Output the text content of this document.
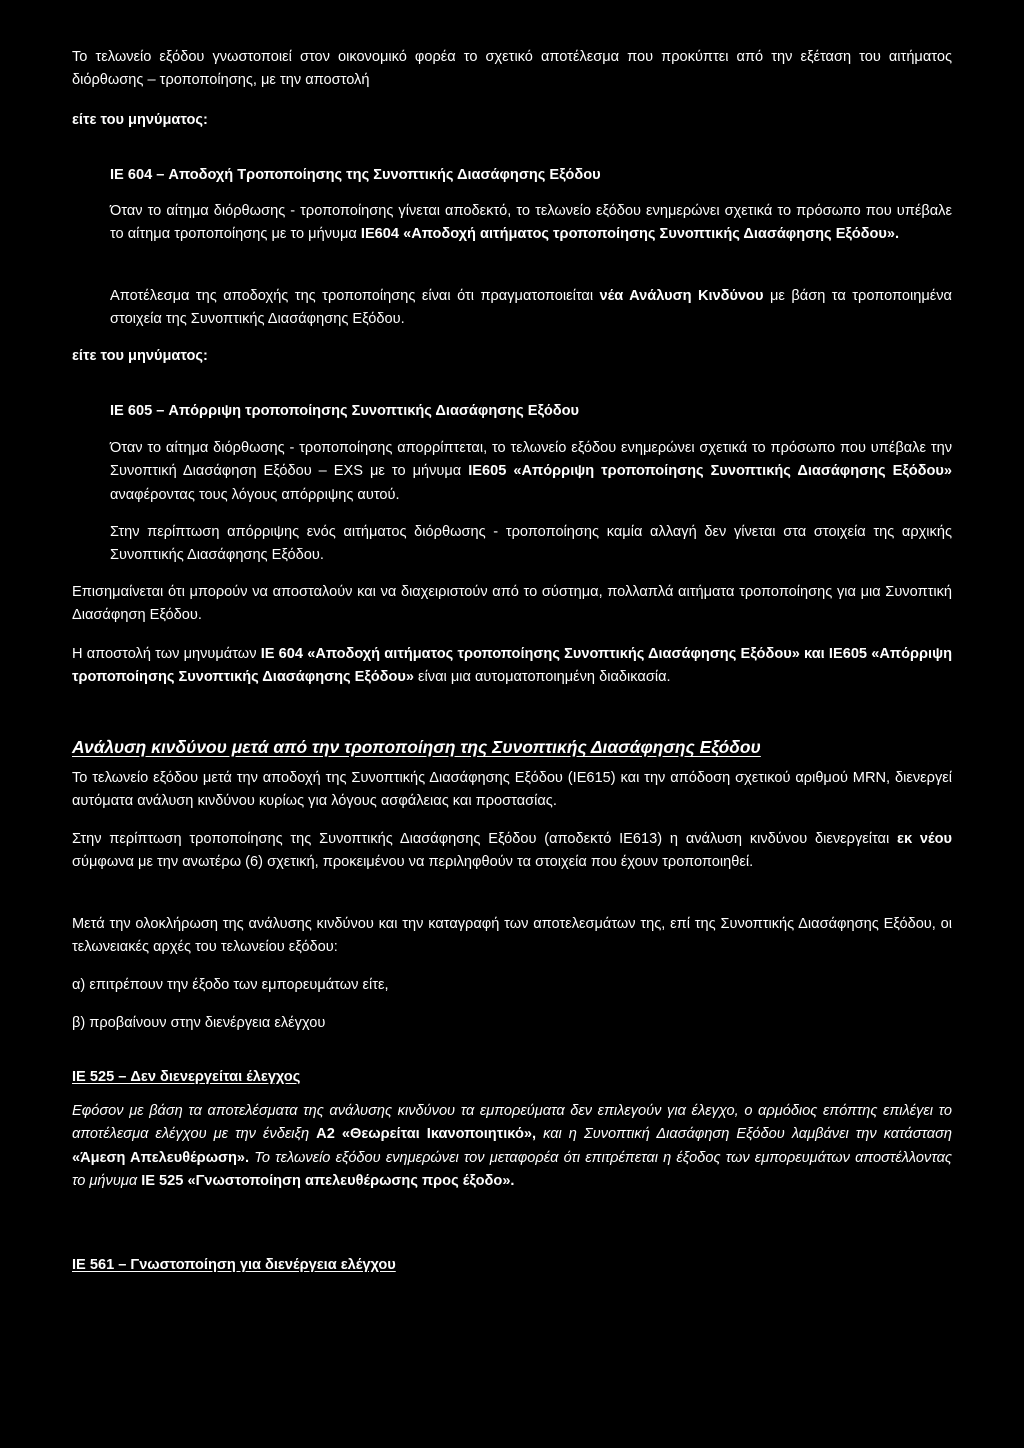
Το τελωνείο εξόδου γνωστοποιεί στον οικονομικό φορέα το σχετικό αποτέλεσμα που προκύπτει από την εξέταση του αιτήματος διόρθωσης – τροποποίησης, με την αποστολή

είτε του μηνύματος:

IE 604 – Αποδοχή Τροποποίησης της Συνοπτικής Διασάφησης Εξόδου

Όταν το αίτημα διόρθωσης - τροποποίησης γίνεται αποδεκτό, το τελωνείο εξόδου ενημερώνει σχετικά το πρόσωπο που υπέβαλε το αίτημα τροποποίησης με το μήνυμα IE604 «Αποδοχή αιτήματος τροποποίησης Συνοπτικής Διασάφησης Εξόδου».

Αποτέλεσμα της αποδοχής της τροποποίησης είναι ότι πραγματοποιείται νέα Ανάλυση Κινδύνου με βάση τα τροποποιημένα στοιχεία της Συνοπτικής Διασάφησης Εξόδου.

είτε του μηνύματος:

IE 605 – Απόρριψη τροποποίησης Συνοπτικής Διασάφησης Εξόδου

Όταν το αίτημα διόρθωσης - τροποποίησης απορρίπτεται, το τελωνείο εξόδου ενημερώνει σχετικά το πρόσωπο που υπέβαλε την Συνοπτική Διασάφηση Εξόδου – EXS με το μήνυμα IE605 «Απόρριψη τροποποίησης Συνοπτικής Διασάφησης Εξόδου» αναφέροντας τους λόγους απόρριψης αυτού.

Στην περίπτωση απόρριψης ενός αιτήματος διόρθωσης - τροποποίησης καμία αλλαγή δεν γίνεται στα στοιχεία της αρχικής Συνοπτικής Διασάφησης Εξόδου.

Επισημαίνεται ότι μπορούν να αποσταλούν και να διαχειριστούν από το σύστημα, πολλαπλά αιτήματα τροποποίησης για μια Συνοπτική Διασάφηση Εξόδου.

Η αποστολή των μηνυμάτων IE 604 «Αποδοχή αιτήματος τροποποίησης Συνοπτικής Διασάφησης Εξόδου» και IE605 «Απόρριψη τροποποίησης Συνοπτικής Διασάφησης Εξόδου» είναι μια αυτοματοποιημένη διαδικασία.

Ανάλυση κινδύνου μετά από την τροποποίηση της Συνοπτικής Διασάφησης Εξόδου

Το τελωνείο εξόδου μετά την αποδοχή της Συνοπτικής Διασάφησης Εξόδου (IE615) και την απόδοση σχετικού αριθμού MRN, διενεργεί αυτόματα ανάλυση κινδύνου κυρίως για λόγους ασφάλειας και προστασίας.

Στην περίπτωση τροποποίησης της Συνοπτικής Διασάφησης Εξόδου (αποδεκτό IE613) η ανάλυση κινδύνου διενεργείται εκ νέου σύμφωνα με την ανωτέρω (6) σχετική, προκειμένου να περιληφθούν τα στοιχεία που έχουν τροποποιηθεί.

Μετά την ολοκλήρωση της ανάλυσης κινδύνου και την καταγραφή των αποτελεσμάτων της, επί της Συνοπτικής Διασάφησης Εξόδου, οι τελωνειακές αρχές του τελωνείου εξόδου:

α) επιτρέπουν την έξοδο των εμπορευμάτων είτε,

β) προβαίνουν στην διενέργεια ελέγχου

IE 525 – Δεν διενεργείται έλεγχος

Εφόσον με βάση τα αποτελέσματα της ανάλυσης κινδύνου τα εμπορεύματα δεν επιλεγούν για έλεγχο, ο αρμόδιος επόπτης επιλέγει το αποτέλεσμα ελέγχου με την ένδειξη A2 «Θεωρείται Ικανοποιητικό», και η Συνοπτική Διασάφηση Εξόδου λαμβάνει την κατάσταση «Άμεση Απελευθέρωση». Το τελωνείο εξόδου ενημερώνει τον μεταφορέα ότι επιτρέπεται η έξοδος των εμπορευμάτων αποστέλλοντας το μήνυμα IE 525 «Γνωστοποίηση απελευθέρωσης προς έξοδο».

IE 561 – Γνωστοποίηση για διενέργεια ελέγχου
